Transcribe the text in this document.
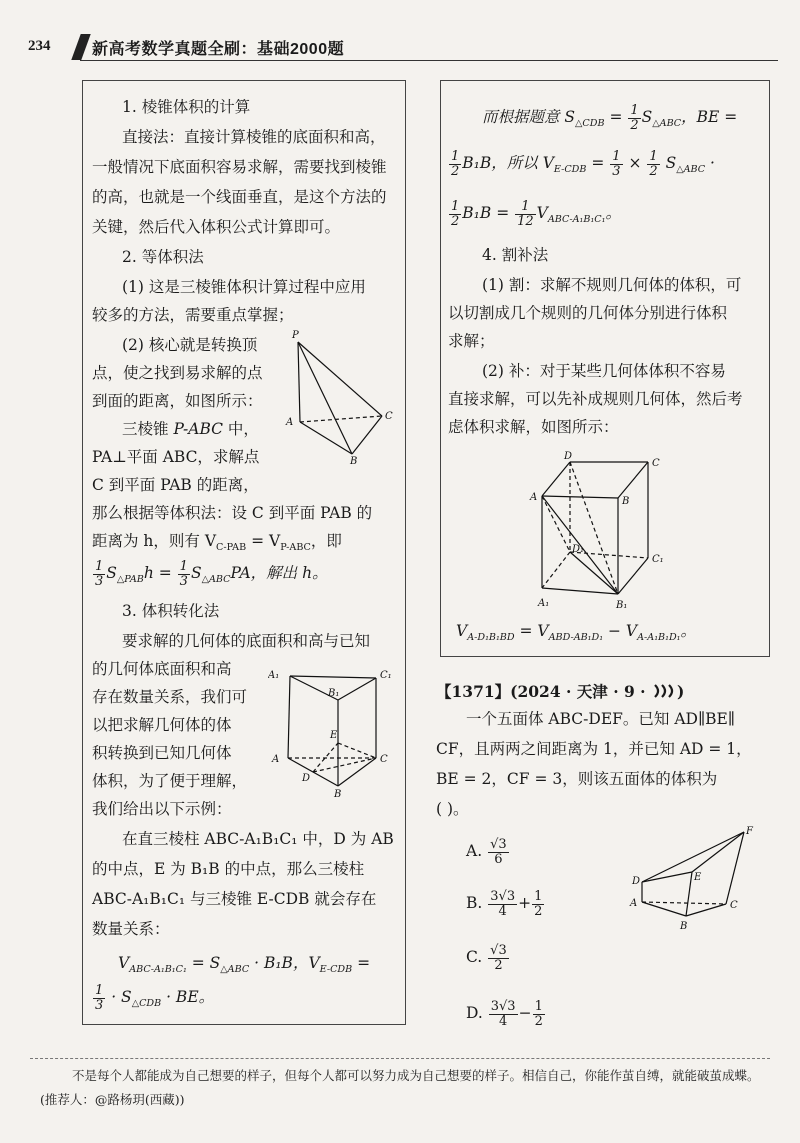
234	新高考数学真题全刷：基础2000题
1. 棱锥体积的计算
直接法：直接计算棱锥的底面积和高，
一般情况下底面积容易求解，需要找到棱锥
的高，也就是一个线面垂直，是这个方法的
关键，然后代入体积公式计算即可。
2. 等体积法
(1) 这是三棱锥体积计算过程中应用
较多的方法，需要重点掌握；
(2) 核心就是转换顶
点，使之找到易求解的点
到面的距离，如图所示：
三棱锥 P-ABC 中，
PA⊥平面 ABC，求解点
C 到平面 PAB 的距离，
那么根据等体积法：设 C 到平面 PAB 的
距离为 h，则有 $V_{C-PAB} = V_{P-ABC}$，即
$\frac{1}{3} S_{\triangle PAB}h = \frac{1}{3} S_{\triangle ABC}PA$，解出 h。
3. 体积转化法
要求解的几何体的底面积和高与已知
的几何体底面积和高
存在数量关系，我们可
以把求解几何体的体
积转换到已知几何体
体积，为了便于理解，
我们给出以下示例：
在直三棱柱 ABC-A₁B₁C₁ 中，D 为 AB
的中点，E 为 B₁B 的中点，那么三棱柱
ABC-A₁B₁C₁ 与三棱锥 E-CDB 就会存在
数量关系：
$V_{ABC-A_1B_1C_1} = S_{\triangle ABC} \cdot B_1B$，$V_{E-CDB}$ =
$\frac{1}{3} \cdot S_{\triangle CDB}$ · BE。
P
A
B
C
A₁	C₁
B₁
E
A	C
D
B
而根据题意 $S_{\triangle CDB} = \frac{1}{2} S_{\triangle ABC}$，BE =
$\frac{1}{2} B_1B$，所以 $V_{E-CDB} = \frac{1}{3} \times \frac{1}{2} S_{\triangle ABC}$ ·
$\frac{1}{2} B_1B = \frac{1}{12} V_{ABC-A_1B_1C_1}$。
4. 割补法
(1) 割：求解不规则几何体的体积，可
以切割成几个规则的几何体分别进行体积
求解；
(2) 补：对于某些几何体体积不容易
直接求解，可以先补成规则几何体，然后考
虑体积求解，如图所示：
D
C
A	B
D₁
C₁
A₁	B₁
$V_{A-D_1B_1BD} = V_{ABD-AB_1D_1} - V_{A-A_1B_1D_1}$。
【1371】(2024 · 天津 · 9 · )
一个五面体 ABC-DEF。已知 AD∥BE∥
CF，且两两之间距离为 1，并已知 AD = 1，
BE = 2，CF = 3，则该五面体的体积为
( )。
A. $\frac{√3}{6}$
B. $\frac{3√3}{4} + \frac{1}{2}$
C. $\frac{√3}{2}$
D. $\frac{3√3}{4} - \frac{1}{2}$
D	E
F
A	C
B
不是每个人都能成为自己想要的样子，但每个人都可以努力成为自己想要的样子。相信自己，你能作茧自缚，就能破茧成蝶。
(推荐人：@路杨玥(西藏))
